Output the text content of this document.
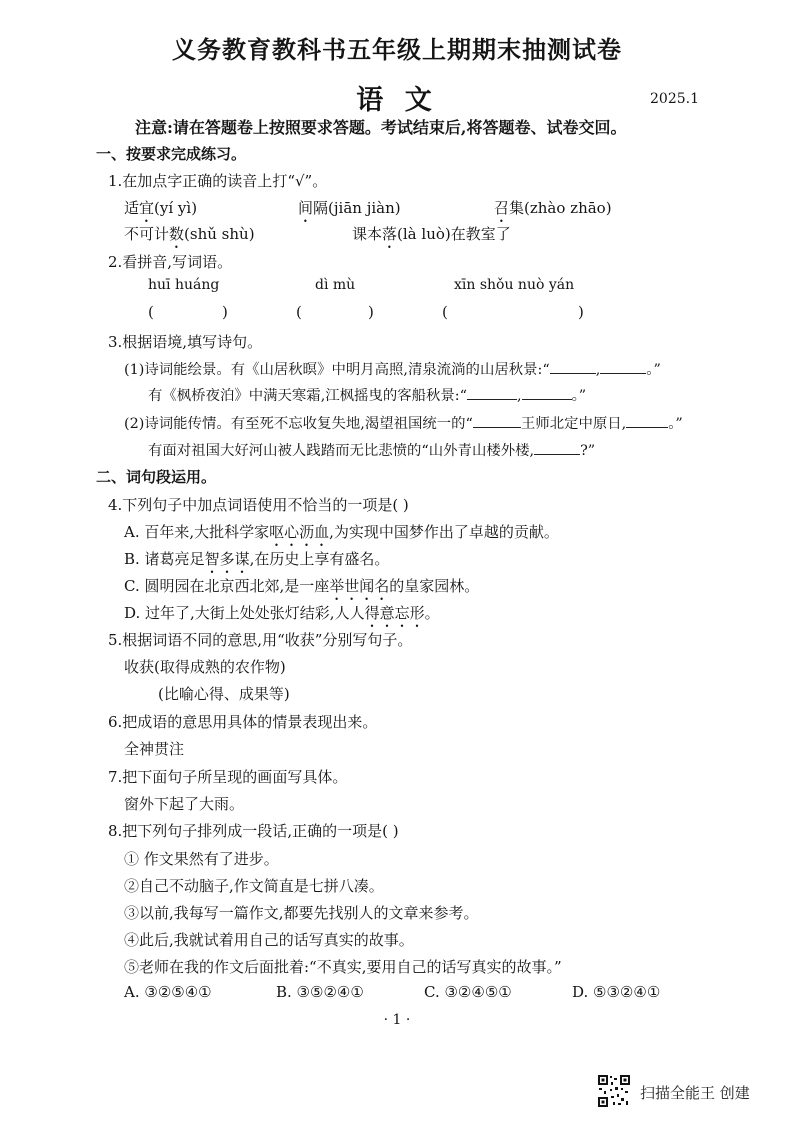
义务教育教科书五年级上期期末抽测试卷
语 文	2025.1
注意:请在答题卷上按照要求答题。考试结束后,将答题卷、试卷交回。
一、按要求完成练习。
1.在加点字正确的读音上打“√”。
适宜(yí yì)	间隔(jiān jiàn)	召集(zhào zhāo)
不可计数(shǔ shù)	课本落(là luò)在教室了
2.看拼音,写词语。
huī huáng	dì mù	xīn shǒu nuò yán
(	)	(	)	(	)
3.根据语境,填写诗句。
(1)诗词能绘景。有《山居秋暝》中明月高照,清泉流淌的山居秋景:“	,	。”
有《枫桥夜泊》中满天寒霜,江枫摇曳的客船秋景:“	,	。”
(2)诗词能传情。有至死不忘收复失地,渴望祖国统一的“	王师北定中原日,	。”
有面对祖国大好河山被人践踏而无比悲愤的“山外青山楼外楼,	?”
二、词句段运用。
4.下列句子中加点词语使用不恰当的一项是( )
A. 百年来,大批科学家呕心沥血,为实现中国梦作出了卓越的贡献。
B. 诸葛亮足智多谋,在历史上享有盛名。
C. 圆明园在北京西北郊,是一座举世闻名的皇家园林。
D. 过年了,大街上处处张灯结彩,人人得意忘形。
5.根据词语不同的意思,用“收获”分别写句子。
收获(取得成熟的农作物)
(比喻心得、成果等)
6.把成语的意思用具体的情景表现出来。
全神贯注
7.把下面句子所呈现的画面写具体。
窗外下起了大雨。
8.把下列句子排列成一段话,正确的一项是( )
① 作文果然有了进步。
②自己不动脑子,作文简直是七拼八凑。
③以前,我每写一篇作文,都要先找别人的文章来参考。
④此后,我就试着用自己的话写真实的故事。
⑤老师在我的作文后面批着:“不真实,要用自己的话写真实的故事。”
A. ③②⑤④①	B. ③⑤②④①	C. ③②④⑤①	D. ⑤③②④①
· 1 ·
扫描全能王 创建
